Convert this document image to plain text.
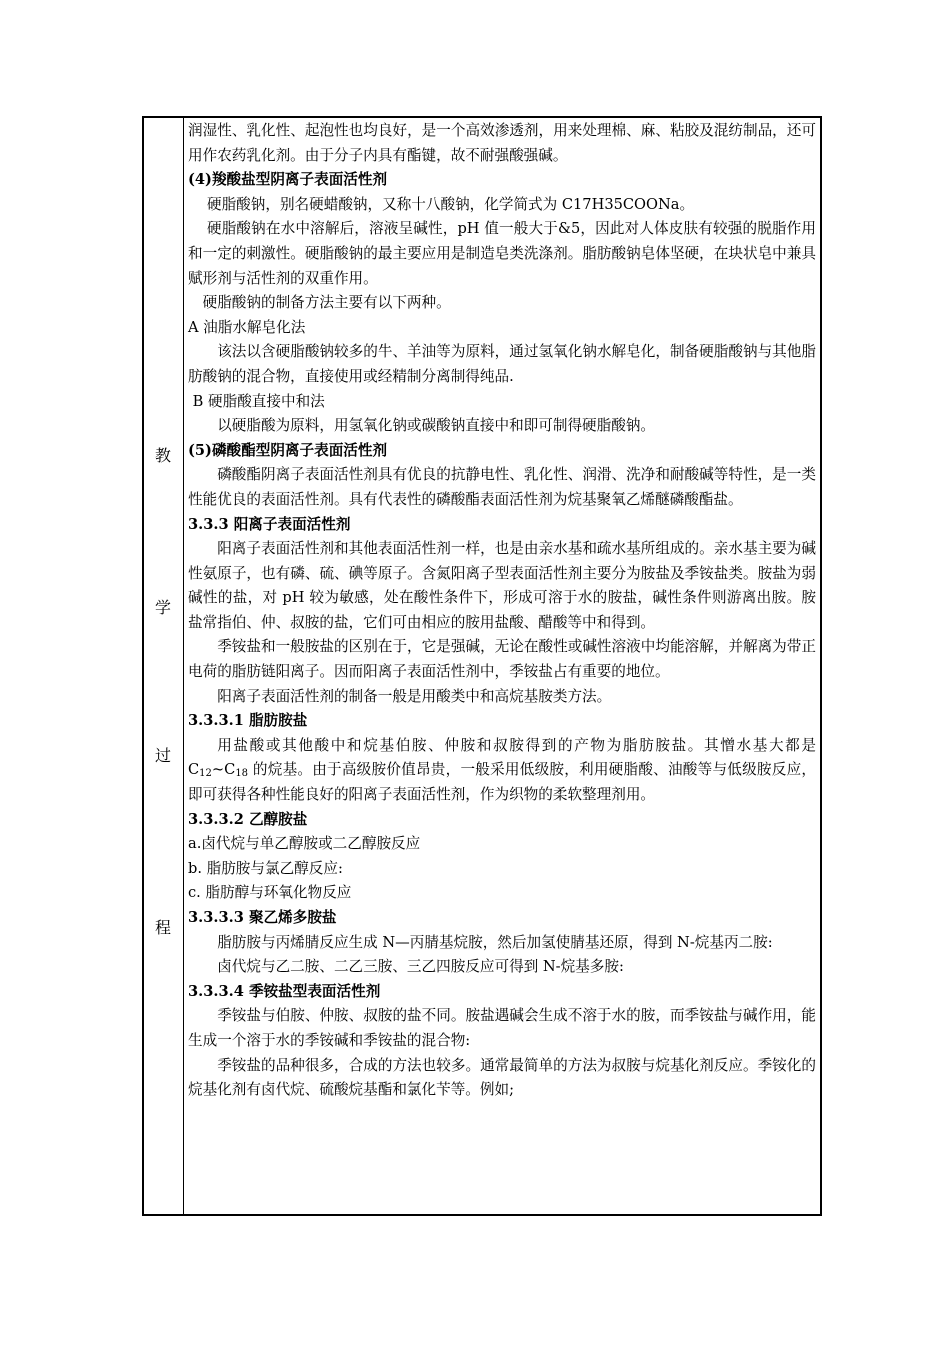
教
学
过
程

润湿性、乳化性、起泡性也均良好，是一个高效渗透剂，用来处理棉、麻、粘胶及混纺制品，还可用作农药乳化剂。由于分子内具有酯键，故不耐强酸强碱。

(4)羧酸盐型阴离子表面活性剂

硬脂酸钠，别名硬蜡酸钠，又称十八酸钠，化学简式为 C17H35COONa。

硬脂酸钠在水中溶解后，溶液呈碱性，pH 值一般大于&5，因此对人体皮肤有较强的脱脂作用和一定的刺激性。硬脂酸钠的最主要应用是制造皂类洗涤剂。脂肪酸钠皂体坚硬，在块状皂中兼具赋形剂与活性剂的双重作用。

硬脂酸钠的制备方法主要有以下两种。

A 油脂水解皂化法

该法以含硬脂酸钠较多的牛、羊油等为原料，通过氢氧化钠水解皂化，制备硬脂酸钠与其他脂肪酸钠的混合物，直接使用或经精制分离制得纯品.

B 硬脂酸直接中和法

以硬脂酸为原料，用氢氧化钠或碳酸钠直接中和即可制得硬脂酸钠。

(5)磷酸酯型阴离子表面活性剂

磷酸酯阴离子表面活性剂具有优良的抗静电性、乳化性、润滑、洗净和耐酸碱等特性，是一类性能优良的表面活性剂。具有代表性的磷酸酯表面活性剂为烷基聚氧乙烯醚磷酸酯盐。

3.3.3 阳离子表面活性剂

阳离子表面活性剂和其他表面活性剂一样，也是由亲水基和疏水基所组成的。亲水基主要为碱性氨原子，也有磷、硫、碘等原子。含氮阳离子型表面活性剂主要分为胺盐及季铵盐类。胺盐为弱碱性的盐，对 pH 较为敏感，处在酸性条件下，形成可溶于水的胺盐，碱性条件则游离出胺。胺盐常指伯、仲、叔胺的盐，它们可由相应的胺用盐酸、醋酸等中和得到。

季铵盐和一般胺盐的区别在于，它是强碱，无论在酸性或碱性溶液中均能溶解，并解离为带正电荷的脂肪链阳离子。因而阳离子表面活性剂中，季铵盐占有重要的地位。

阳离子表面活性剂的制备一般是用酸类中和高烷基胺类方法。

3.3.3.1 脂肪胺盐

用盐酸或其他酸中和烷基伯胺、仲胺和叔胺得到的产物为脂肪胺盐。其憎水基大都是 $C_{12}\sim C_{18}$ 的烷基。由于高级胺价值昂贵，一般采用低级胺，利用硬脂酸、油酸等与低级胺反应，即可获得各种性能良好的阳离子表面活性剂，作为织物的柔软整理剂用。

3.3.3.2 乙醇胺盐

a.卤代烷与单乙醇胺或二乙醇胺反应

b. 脂肪胺与氯乙醇反应:

c. 脂肪醇与环氧化物反应

3.3.3.3 聚乙烯多胺盐

脂肪胺与丙烯腈反应生成 N—丙腈基烷胺，然后加氢使腈基还原，得到 N-烷基丙二胺:

卤代烷与乙二胺、二乙三胺、三乙四胺反应可得到 N-烷基多胺:

3.3.3.4 季铵盐型表面活性剂

季铵盐与伯胺、仲胺、叔胺的盐不同。胺盐遇碱会生成不溶于水的胺，而季铵盐与碱作用，能生成一个溶于水的季铵碱和季铵盐的混合物:

季铵盐的品种很多，合成的方法也较多。通常最简单的方法为叔胺与烷基化剂反应。季铵化的烷基化剂有卤代烷、硫酸烷基酯和氯化苄等。例如;
